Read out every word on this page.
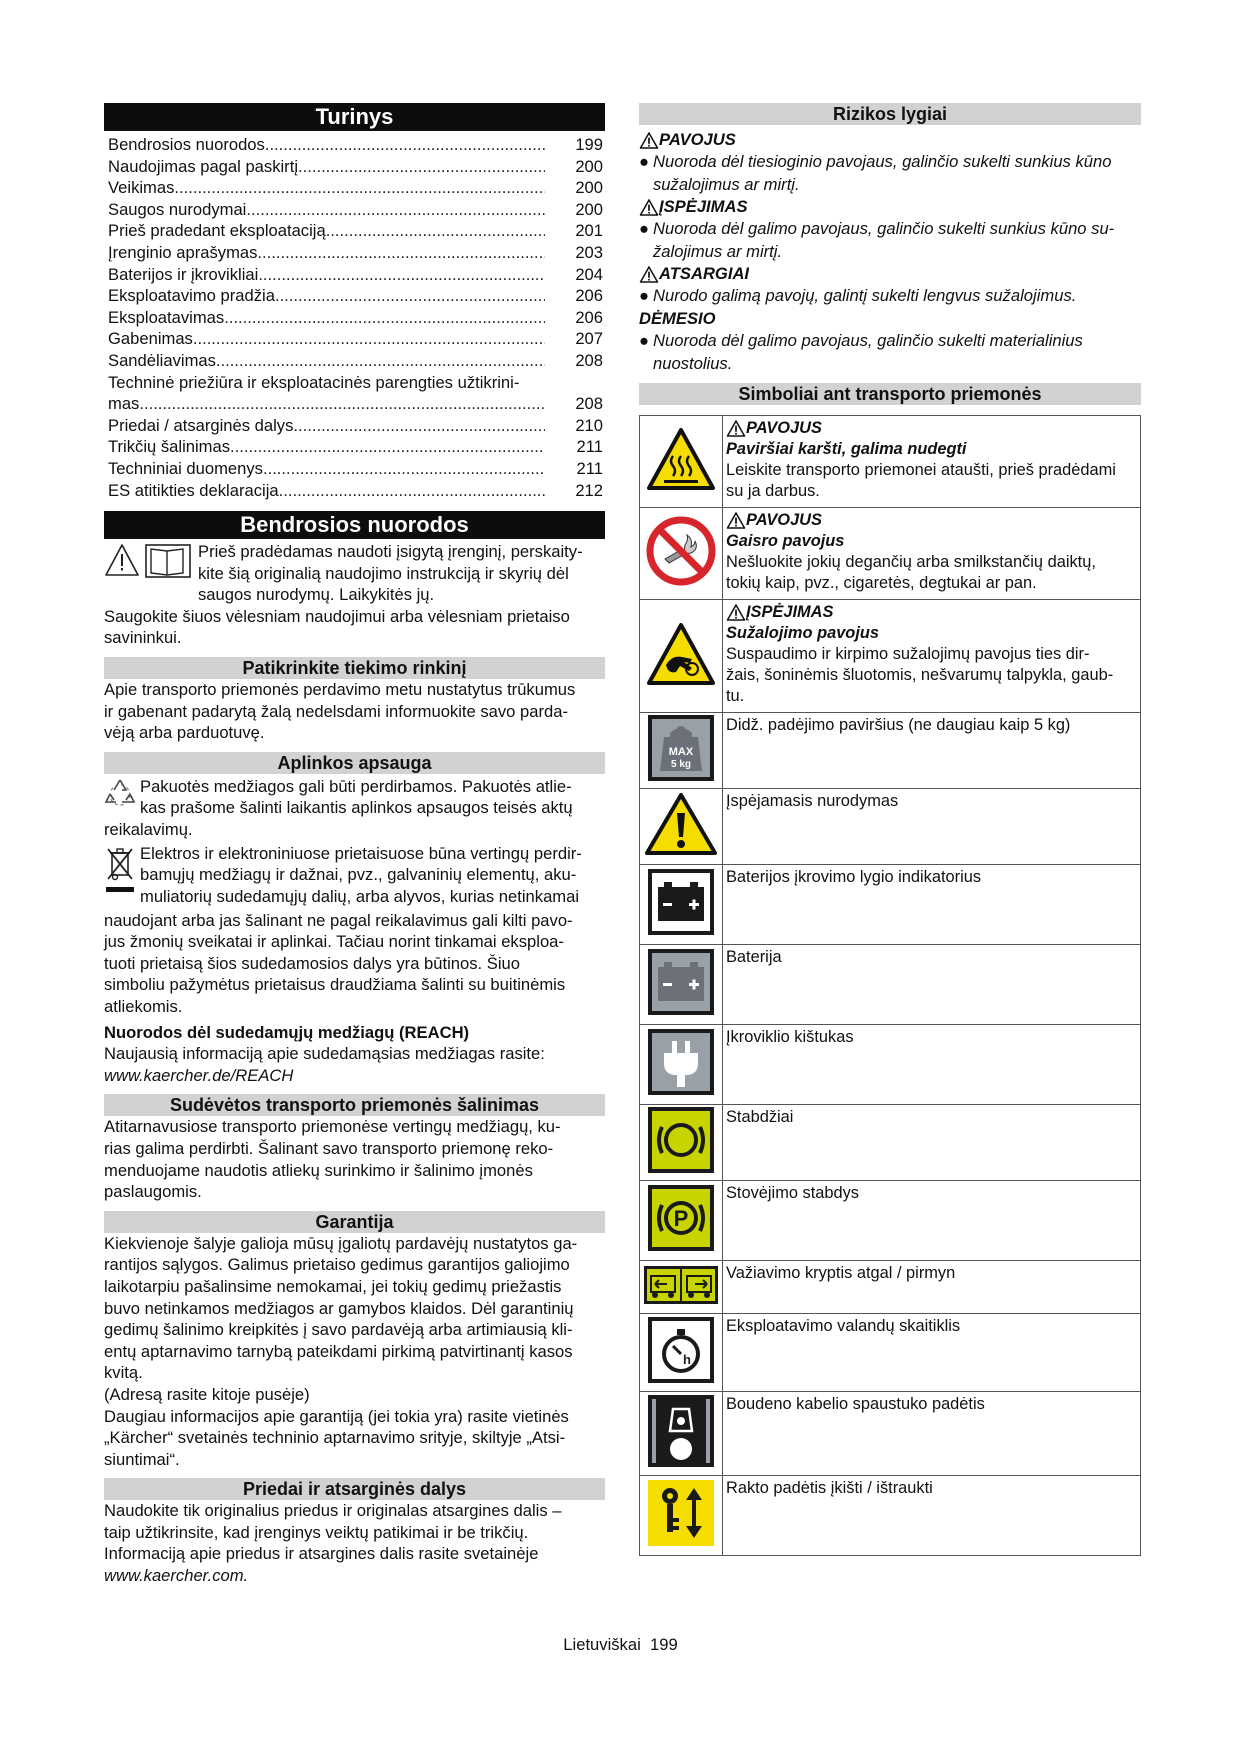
Turinys
Bendrosios nuorodos .....	199
Naudojimas pagal paskirtį .....	200
Veikimas .....	200
Saugos nurodymai .....	200
Prieš pradedant eksploataciją .....	201
Įrenginio aprašymas .....	203
Baterijos ir įkrovikliai .....	204
Eksploatavimo pradžia .....	206
Eksploatavimas .....	206
Gabenimas .....	207
Sandėliavimas .....	208
Techninė priežiūra ir eksploatacinės parengties užtikrini-
mas .....	208
Priedai / atsarginės dalys .....	210
Trikčių šalinimas .....	211
Techniniai duomenys .....	211
ES atitikties deklaracija .....	212
Bendrosios nuorodos

Prieš pradėdamas naudoti įsigytą įrenginį, perskaity-

kite šią originalią naudojimo instrukciją ir skyrių dėl

saugos nurodymų. Laikykitės jų.

Saugokite šiuos vėlesniam naudojimui arba vėlesniam prietaiso

savininkui.

Patikrinkite tiekimo rinkinį

Apie transporto priemonės perdavimo metu nustatytus trūkumus

ir gabenant padarytą žalą nedelsdami informuokite savo parda-

vėją arba parduotuvę.

Aplinkos apsauga

Pakuotės medžiagos gali būti perdirbamos. Pakuotės atlie-

kas prašome šalinti laikantis aplinkos apsaugos teisės aktų

reikalavimų.

Elektros ir elektroniniuose prietaisuose būna vertingų perdir-

bamųjų medžiagų ir dažnai, pvz., galvaninių elementų, aku-

muliatorių sudedamųjų dalių, arba alyvos, kurias netinkamai

naudojant arba jas šalinant ne pagal reikalavimus gali kilti pavo-

jus žmonių sveikatai ir aplinkai. Tačiau norint tinkamai eksploa-

tuoti prietaisą šios sudedamosios dalys yra būtinos. Šiuo

simboliu pažymėtus prietaisus draudžiama šalinti su buitinėmis

atliekomis.

Nuorodos dėl sudedamųjų medžiagų (REACH)

Naujausią informaciją apie sudedamąsias medžiagas rasite:

www.kaercher.de/REACH

Sudėvėtos transporto priemonės šalinimas

Atitarnavusiose transporto priemonėse vertingų medžiagų, ku-

rias galima perdirbti. Šalinant savo transporto priemonę reko-

menduojame naudotis atliekų surinkimo ir šalinimo įmonės

paslaugomis.

Garantija

Kiekvienoje šalyje galioja mūsų įgaliotų pardavėjų nustatytos ga-

rantijos sąlygos. Galimus prietaiso gedimus garantijos galiojimo

laikotarpiu pašalinsime nemokamai, jei tokių gedimų priežastis

buvo netinkamos medžiagos ar gamybos klaidos. Dėl garantinių

gedimų šalinimo kreipkitės į savo pardavėją arba artimiausią kli-

entų aptarnavimo tarnybą pateikdami pirkimą patvirtinantį kasos

kvitą.

(Adresą rasite kitoje pusėje)

Daugiau informacijos apie garantiją (jei tokia yra) rasite vietinės

„Kärcher“ svetainės techninio aptarnavimo srityje, skiltyje „Atsi-

siuntimai“.

Priedai ir atsarginės dalys

Naudokite tik originalius priedus ir originalas atsargines dalis –

taip užtikrinsite, kad įrenginys veiktų patikimai ir be trikčių.

Informaciją apie priedus ir atsargines dalis rasite svetainėje

www.kaercher.com.

Rizikos lygiai
PAVOJUS
● Nuoroda dėl tiesioginio pavojaus, galinčio sukelti sunkius kūno
sužalojimus ar mirtį.
ĮSPĖJIMAS
● Nuoroda dėl galimo pavojaus, galinčio sukelti sunkius kūno su-
žalojimus ar mirtį.
ATSARGIAI
● Nurodo galimą pavojų, galintį sukelti lengvus sužalojimus.
DĖMESIO
● Nuoroda dėl galimo pavojaus, galinčio sukelti materialinius
nuostolius.
Simboliai ant transporto priemonės

PAVOJUS
Paviršiai karšti, galima nudegti
Leiskite transporto priemonei ataušti, prieš pradėdami
su ja darbus.

PAVOJUS
Gaisro pavojus
Nešluokite jokių degančių arba smilkstančių daiktų,
tokių kaip, pvz., cigaretės, degtukai ar pan.

ĮSPĖJIMAS
Sužalojimo pavojus
Suspaudimo ir kirpimo sužalojimų pavojus ties dir-
žais, šoninėmis šluotomis, nešvarumų talpykla, gaub-
tu.

MAX
5 kg	Didž. padėjimo paviršius (ne daugiau kaip 5 kg)

Įspėjamasis nurodymas

Baterijos įkrovimo lygio indikatorius

Baterija

Įkroviklio kištukas

Stabdžiai

P	Stovėjimo stabdys

Važiavimo kryptis atgal / pirmyn

h	Eksploatavimo valandų skaitiklis

Boudeno kabelio spaustuko padėtis

Rakto padėtis įkišti / ištraukti
Lietuviškai 199
